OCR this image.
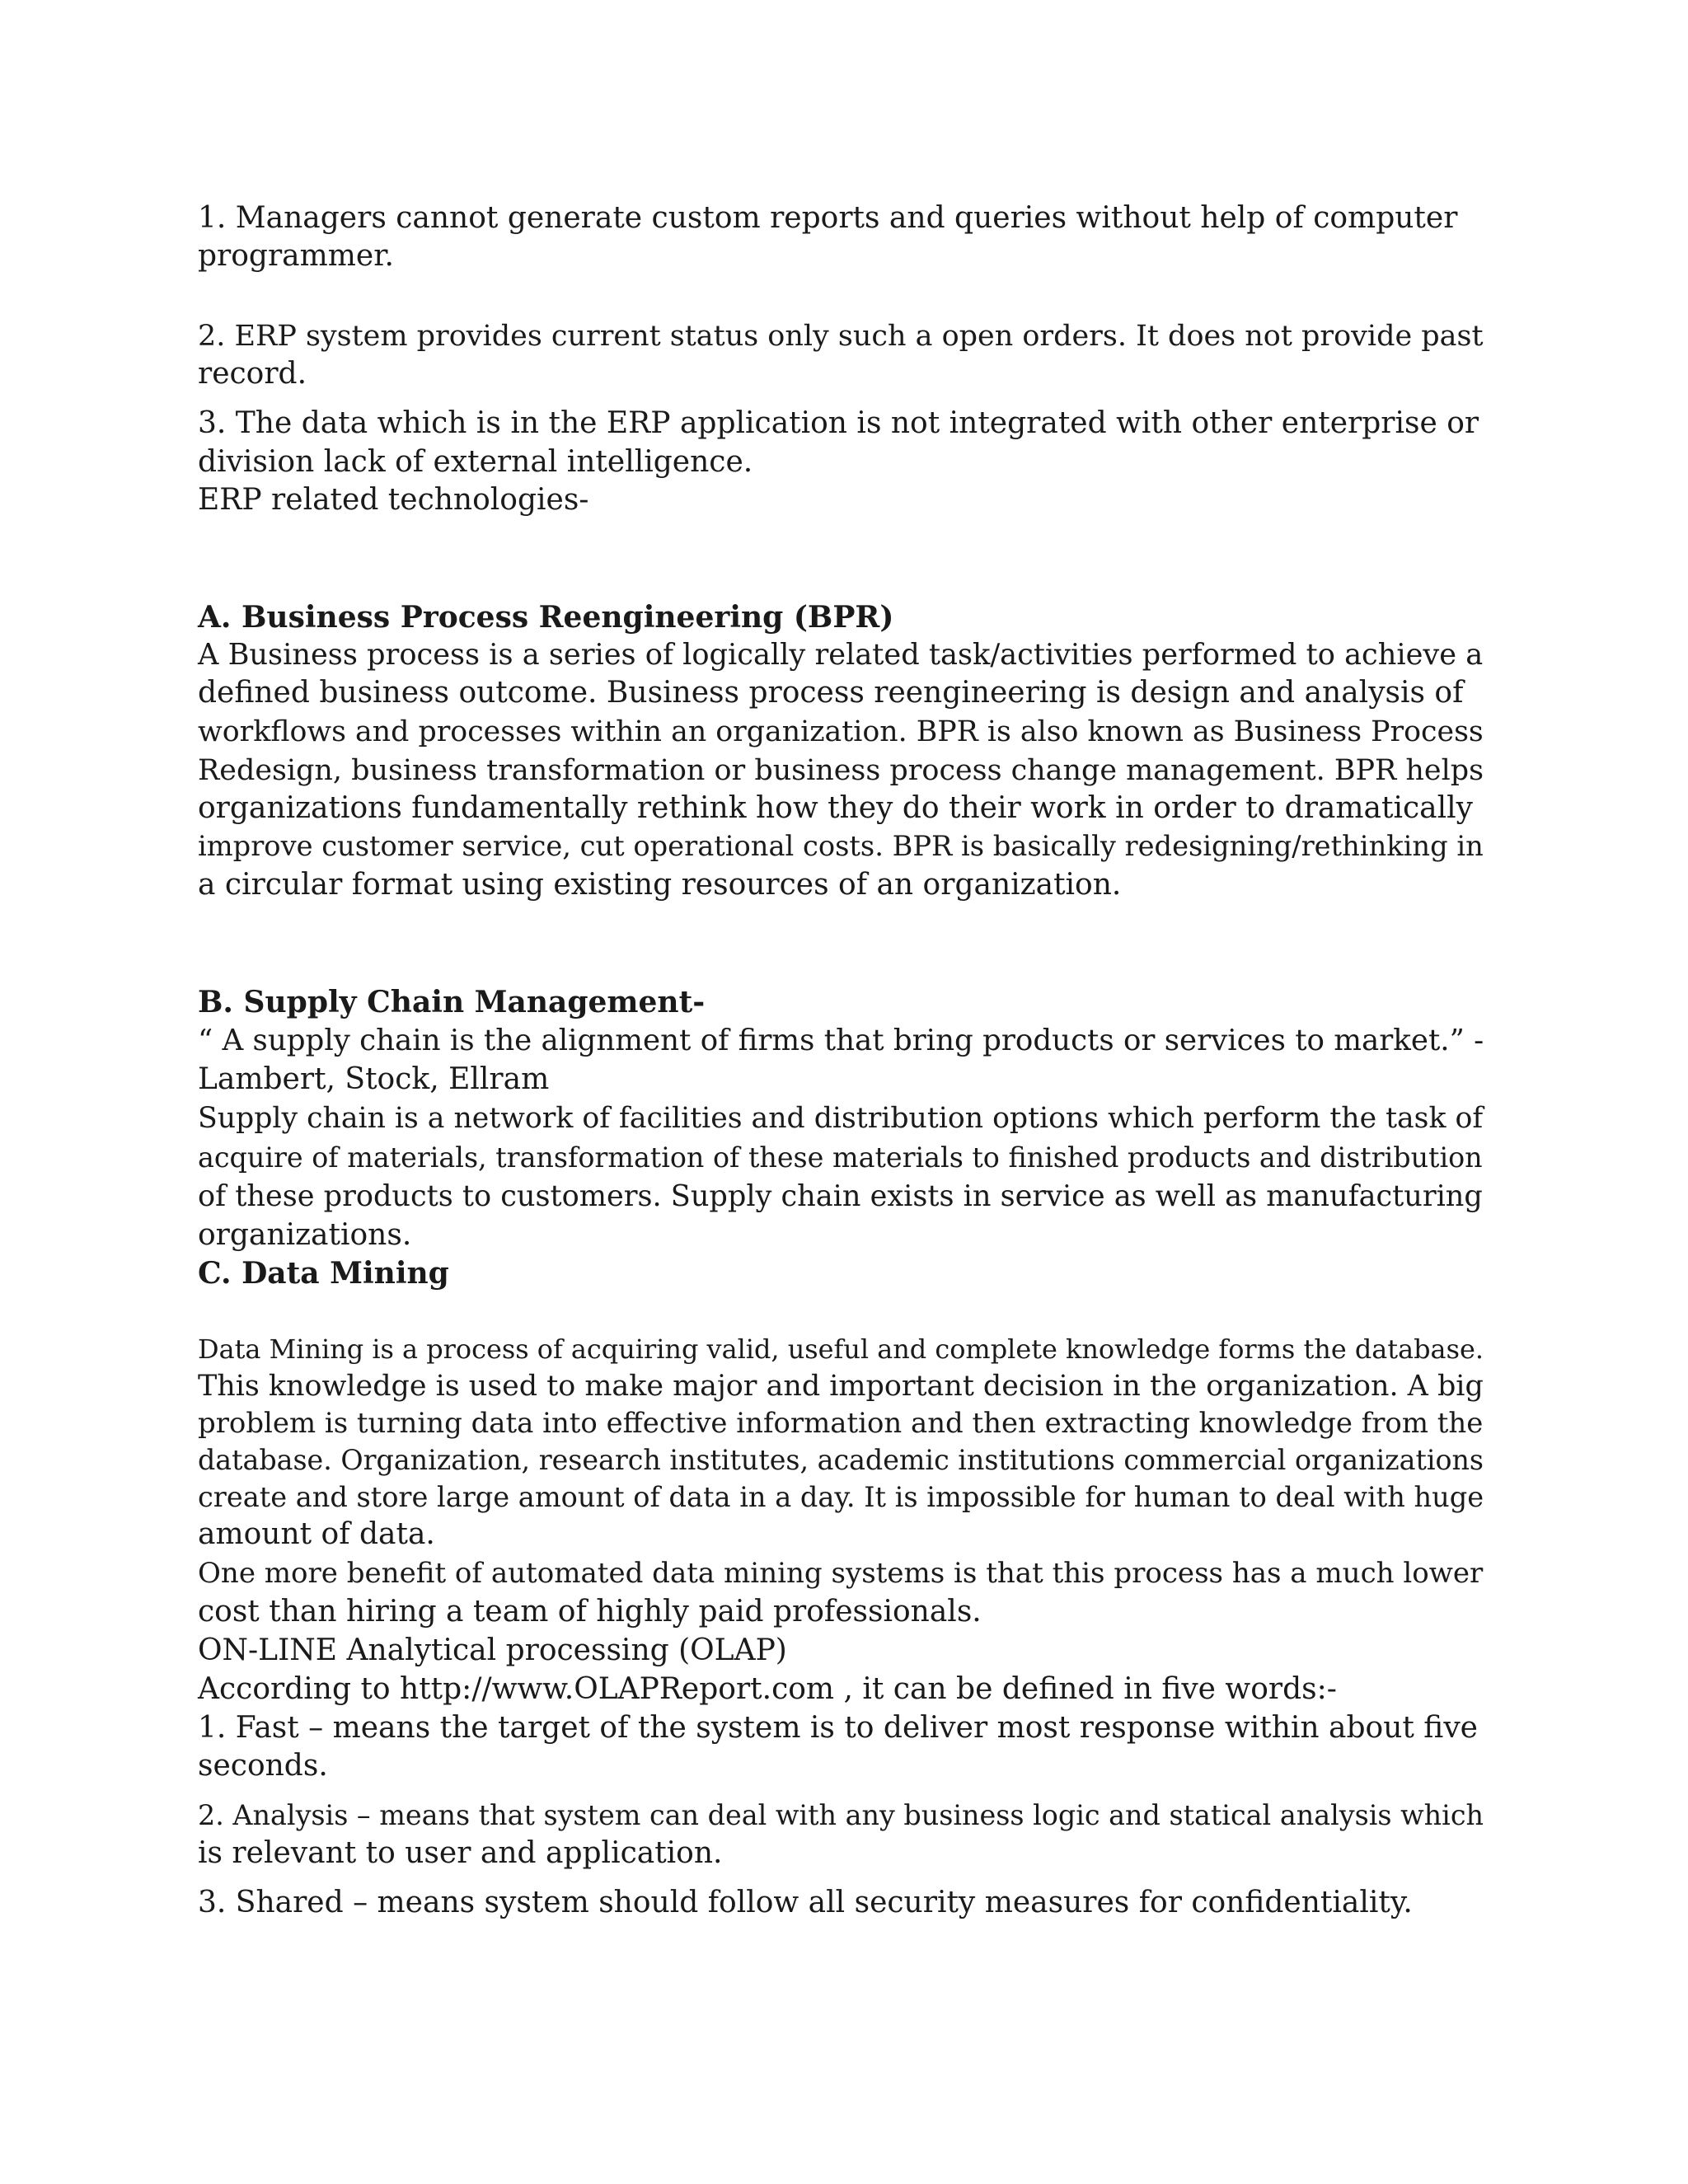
1. Managers cannot generate custom reports and queries without help of computer

programmer.

2. ERP system provides current status only such a open orders. It does not provide past

record.

3. The data which is in the ERP application is not integrated with other enterprise or

division lack of external intelligence.

ERP related technologies-

A. Business Process Reengineering (BPR)

A Business process is a series of logically related task/activities performed to achieve a

defined business outcome. Business process reengineering is design and analysis of

workflows and processes within an organization. BPR is also known as Business Process

Redesign, business transformation or business process change management. BPR helps

organizations fundamentally rethink how they do their work in order to dramatically

improve customer service, cut operational costs. BPR is basically redesigning/rethinking in

a circular format using existing resources of an organization.

B. Supply Chain Management-

“ A supply chain is the alignment of firms that bring products or services to market.” -

Lambert, Stock, Ellram

Supply chain is a network of facilities and distribution options which perform the task of

acquire of materials, transformation of these materials to finished products and distribution

of these products to customers. Supply chain exists in service as well as manufacturing

organizations.

C. Data Mining

Data Mining is a process of acquiring valid, useful and complete knowledge forms the database.

This knowledge is used to make major and important decision in the organization. A big

problem is turning data into effective information and then extracting knowledge from the

database. Organization, research institutes, academic institutions commercial organizations

create and store large amount of data in a day. It is impossible for human to deal with huge

amount of data.

One more benefit of automated data mining systems is that this process has a much lower

cost than hiring a team of highly paid professionals.

ON-LINE Analytical processing (OLAP)

According to http://www.OLAPReport.com , it can be defined in five words:-

1. Fast – means the target of the system is to deliver most response within about five

seconds.

2. Analysis – means that system can deal with any business logic and statical analysis which

is relevant to user and application.

3. Shared – means system should follow all security measures for confidentiality.
